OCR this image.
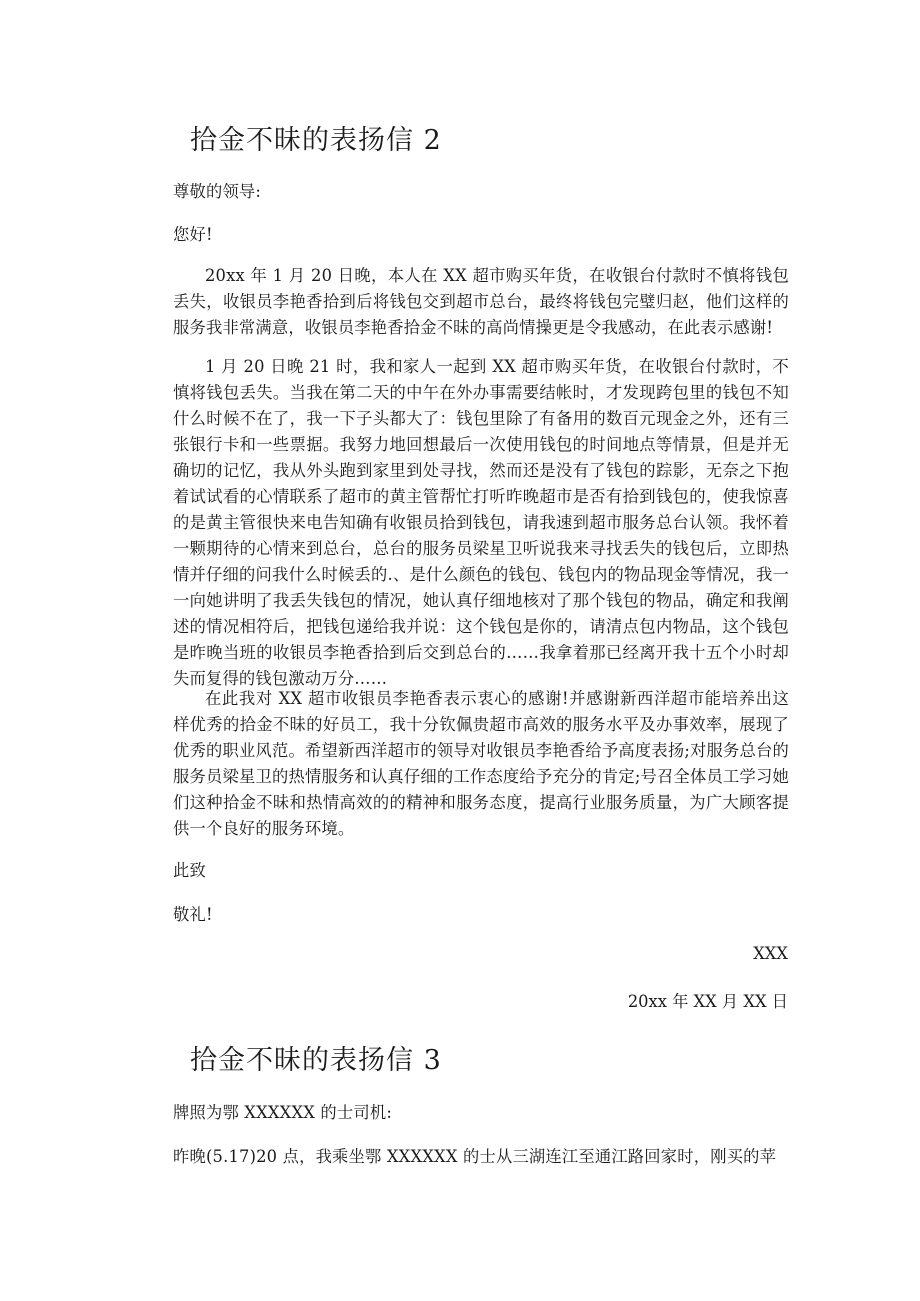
拾金不昧的表扬信 2
尊敬的领导:
您好!

20xx 年 1 月 20 日晚，本人在 XX 超市购买年货，在收银台付款时不慎将钱包丢失，收银员李艳香拾到后将钱包交到超市总台，最终将钱包完璧归赵，他们这样的服务我非常满意，收银员李艳香拾金不昧的高尚情操更是令我感动，在此表示感谢!

1 月 20 日晚 21 时，我和家人一起到 XX 超市购买年货，在收银台付款时，不慎将钱包丢失。当我在第二天的中午在外办事需要结帐时，才发现跨包里的钱包不知什么时候不在了，我一下子头都大了：钱包里除了有备用的数百元现金之外，还有三张银行卡和一些票据。我努力地回想最后一次使用钱包的时间地点等情景，但是并无确切的记忆，我从外头跑到家里到处寻找，然而还是没有了钱包的踪影，无奈之下抱着试试看的心情联系了超市的黄主管帮忙打听昨晚超市是否有拾到钱包的，使我惊喜的是黄主管很快来电告知确有收银员拾到钱包，请我速到超市服务总台认领。我怀着一颗期待的心情来到总台，总台的服务员梁星卫听说我来寻找丢失的钱包后，立即热情并仔细的问我什么时候丢的.、是什么颜色的钱包、钱包内的物品现金等情况，我一一向她讲明了我丢失钱包的情况，她认真仔细地核对了那个钱包的物品，确定和我阐述的情况相符后，把钱包递给我并说：这个钱包是你的，请清点包内物品，这个钱包是昨晚当班的收银员李艳香拾到后交到总台的……我拿着那已经离开我十五个小时却失而复得的钱包激动万分……

在此我对 XX 超市收银员李艳香表示衷心的感谢!并感谢新西洋超市能培养出这样优秀的拾金不昧的好员工，我十分钦佩贵超市高效的服务水平及办事效率，展现了优秀的职业风范。希望新西洋超市的领导对收银员李艳香给予高度表扬;对服务总台的服务员梁星卫的热情服务和认真仔细的工作态度给予充分的肯定;号召全体员工学习她们这种拾金不昧和热情高效的的精神和服务态度，提高行业服务质量，为广大顾客提供一个良好的服务环境。

此致
敬礼!
XXX
20xx 年 XX 月 XX 日
拾金不昧的表扬信 3
牌照为鄂 XXXXXX 的士司机:
昨晚(5.17)20 点，我乘坐鄂 XXXXXX 的士从三湖连江至通江路回家时，刚买的苹
